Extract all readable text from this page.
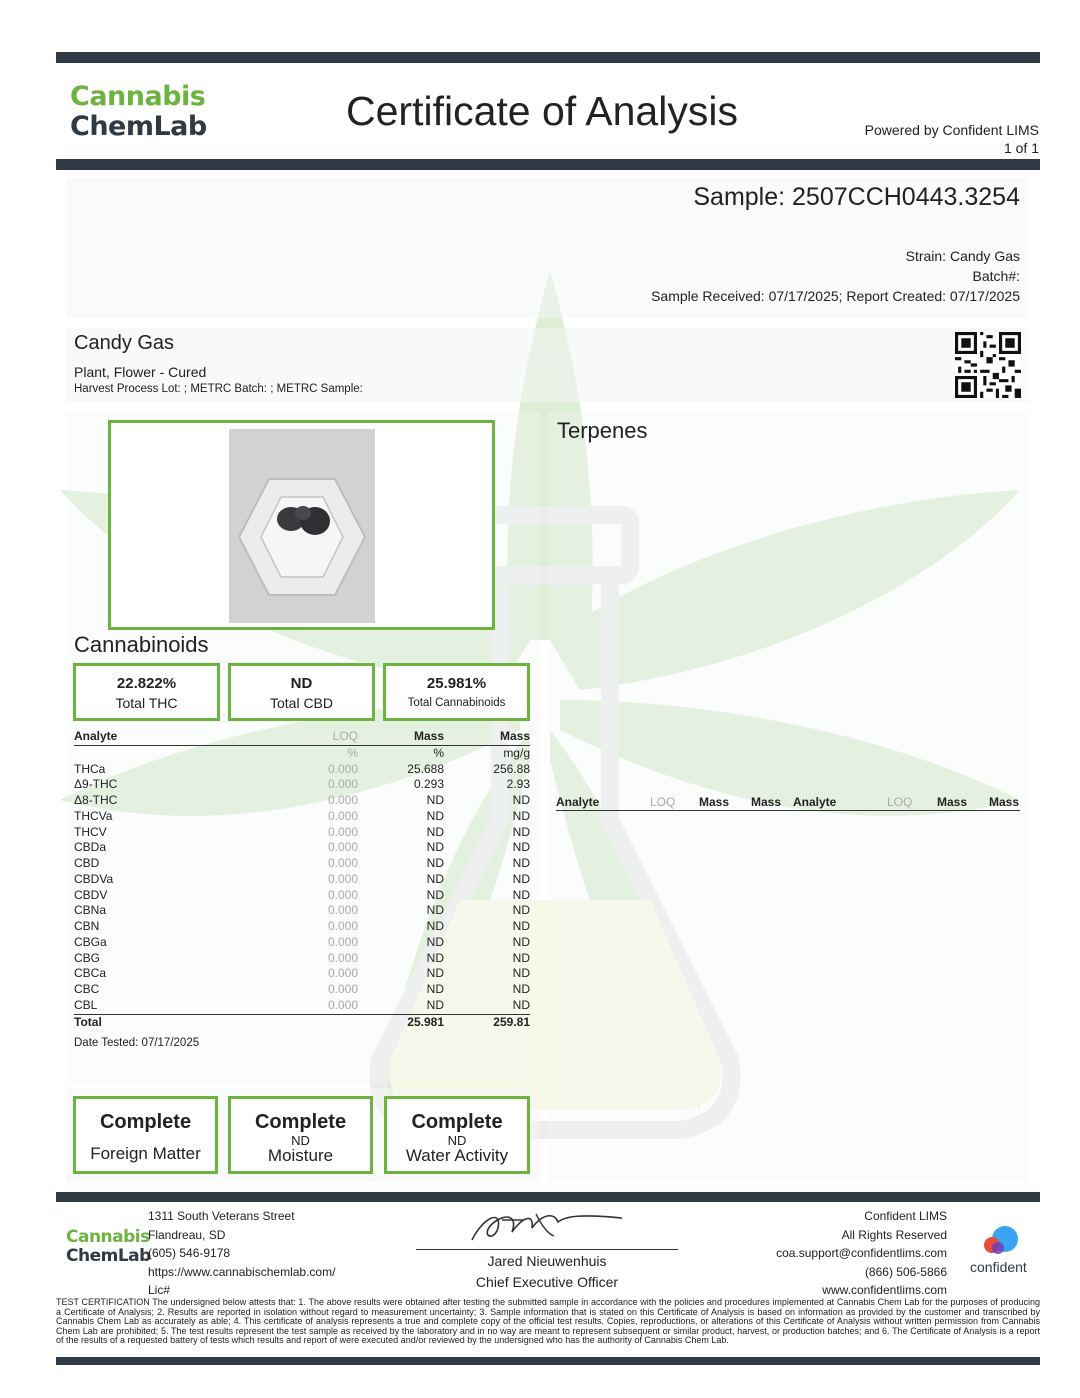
Cannabis
ChemLab	Certificate of Analysis	Powered by Confident LIMS
1 of 1
Sample: 2507CCH0443.3254
Strain: Candy Gas
Batch#:
Sample Received: 07/17/2025; Report Created: 07/17/2025
Candy Gas
Plant, Flower - Cured
Harvest Process Lot: ; METRC Batch: ; METRC Sample:
Cannabinoids
22.822%
Total THC
ND
Total CBD
25.981%
Total Cannabinoids
Analyte	LOQ	Mass	Mass
	%	%	mg/g
THCa	0.000	25.688	256.88
Δ9-THC	0.000	0.293	2.93
Δ8-THC	0.000	ND	ND
THCVa	0.000	ND	ND
THCV	0.000	ND	ND
CBDa	0.000	ND	ND
CBD	0.000	ND	ND
CBDVa	0.000	ND	ND
CBDV	0.000	ND	ND
CBNa	0.000	ND	ND
CBN	0.000	ND	ND
CBGa	0.000	ND	ND
CBG	0.000	ND	ND
CBCa	0.000	ND	ND
CBC	0.000	ND	ND
CBL	0.000	ND	ND
Total		25.981	259.81
Date Tested: 07/17/2025
Terpenes
Analyte	LOQ Mass Mass Analyte	LOQ Mass Mass
Complete
Foreign Matter
Complete
ND
Moisture
Complete
ND
Water Activity
Cannabis
ChemLab
1311 South Veterans Street
Flandreau, SD
(605) 546-9178
https://www.cannabischemlab.com/
Lic#
Jared Nieuwenhuis
Chief Executive Officer
Confident LIMS
All Rights Reserved
coa.support@confidentlims.com
(866) 506-5866
www.confidentlims.com
confident
TEST CERTIFICATION The undersigned below attests that: 1. The above results were obtained after testing the submitted sample in accordance with the policies and procedures implemented at Cannabis Chem Lab for the purposes of producing a Certificate of Analysis; 2. Results are reported in isolation without regard to measurement uncertainty; 3. Sample information that is stated on this Certificate of Analysis is based on information as provided by the customer and transcribed by Cannabis Chem Lab as accurately as able; 4. This certificate of analysis represents a true and complete copy of the official test results. Copies, reproductions, or alterations of this Certificate of Analysis without written permission from Cannabis Chem Lab are prohibited; 5. The test results represent the test sample as received by the laboratory and in no way are meant to represent subsequent or similar product, harvest, or production batches; and 6. The Certificate of Analysis is a report of the results of a requested battery of tests which results and report of were executed and/or reviewed by the undersigned who has the authority of Cannabis Chem Lab.
